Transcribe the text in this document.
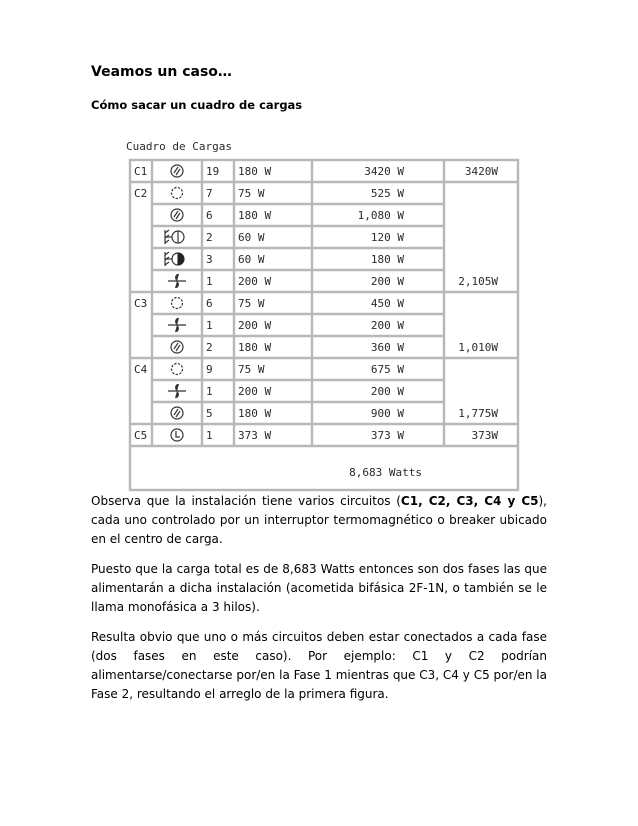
Veamos un caso…
Cómo sacar un cuadro de cargas
Cuadro de Cargas
C1	19 180 W	3420 W	3420W
C2	7 75 W	525 W
6 180 W	1,080 W
2 60 W	120 W
3 60 W	180 W
1 200 W	200 W	2,105W
C3	6 75 W	450 W
1 200 W	200 W
2 180 W	360 W	1,010W
C4	9 75 W	675 W
1 200 W	200 W
5 180 W	900 W	1,775W
C5	1 373 W	373 W	373W
8,683 Watts
Observa que la instalación tiene varios circuitos (C1, C2, C3, C4 y C5), cada uno controlado por un interruptor termomagnético o breaker ubicado en el centro de carga.
Puesto que la carga total es de 8,683 Watts entonces son dos fases las que alimentarán a dicha instalación (acometida bifásica 2F-1N, o también se le llama monofásica a 3 hilos).
Resulta obvio que uno o más circuitos deben estar conectados a cada fase (dos fases en este caso). Por ejemplo: C1 y C2 podrían alimentarse/conectarse por/en la Fase 1 mientras que C3, C4 y C5 por/en la Fase 2, resultando el arreglo de la primera figura.
